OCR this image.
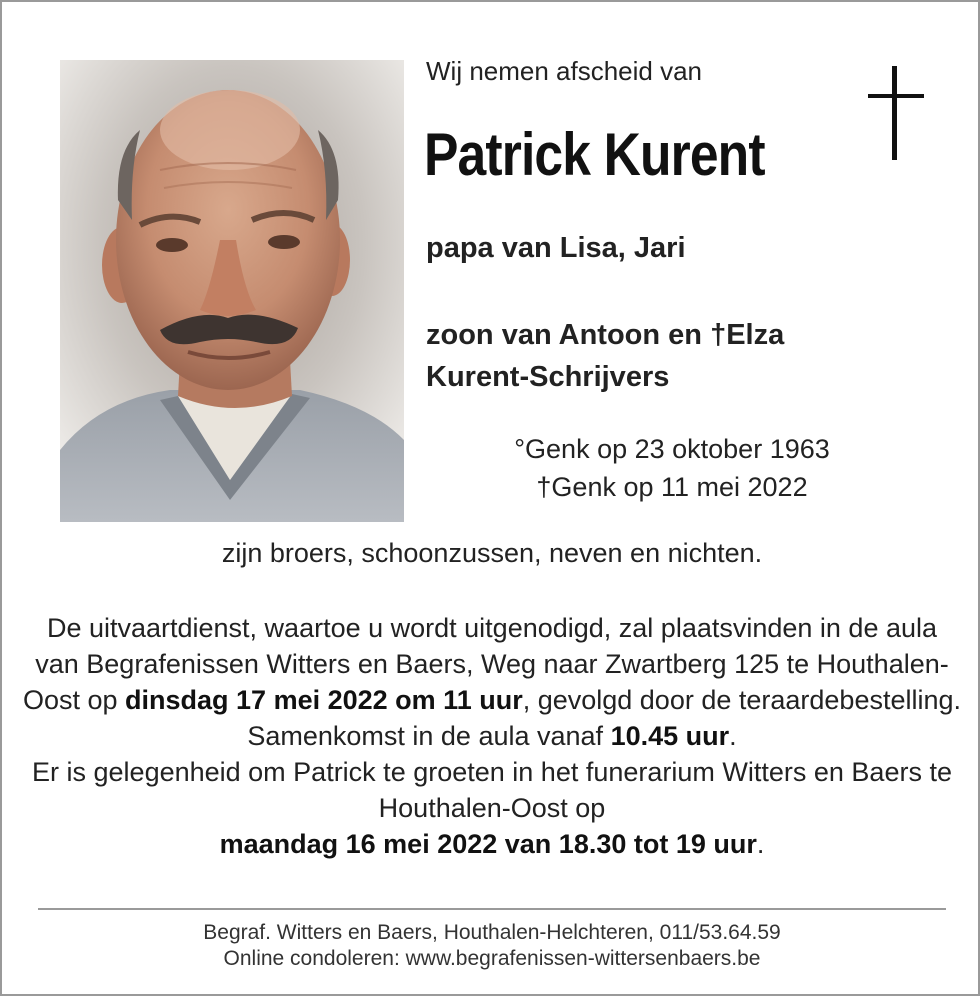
Wij nemen afscheid van
Patrick Kurent
papa van Lisa, Jari
zoon van Antoon en †Elza
Kurent-Schrijvers
°Genk op 23 oktober 1963
†Genk op 11 mei 2022
zijn broers, schoonzussen, neven en nichten.
De uitvaartdienst, waartoe u wordt uitgenodigd, zal plaatsvinden in de aula van Begrafenissen Witters en Baers, Weg naar Zwartberg 125 te Houthalen-Oost op dinsdag 17 mei 2022 om 11 uur, gevolgd door de teraardebestelling.
Samenkomst in de aula vanaf 10.45 uur.
Er is gelegenheid om Patrick te groeten in het funerarium Witters en Baers te Houthalen-Oost op
maandag 16 mei 2022 van 18.30 tot 19 uur.
Begraf. Witters en Baers, Houthalen-Helchteren, 011/53.64.59
Online condoleren: www.begrafenissen-wittersenbaers.be
